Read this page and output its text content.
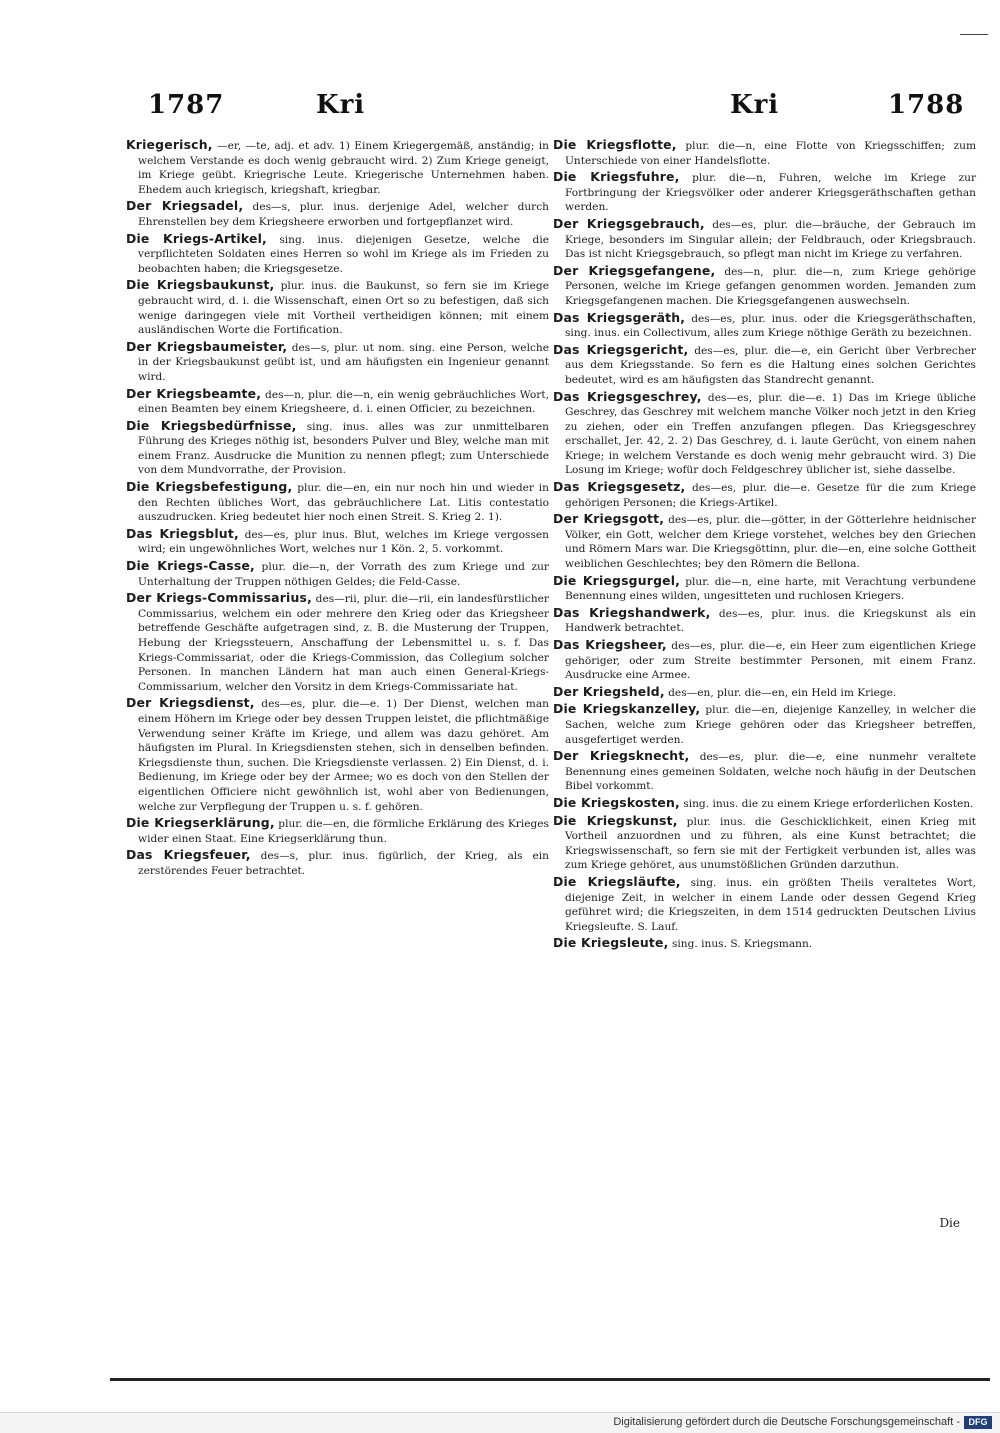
1787	Kri	Kri	1788

Kriegerisch, —er, —te, adj. et adv. 1) Einem Kriegergemäß, anständig; in welchem Verstande es doch wenig gebraucht wird. 2) Zum Kriege geneigt, im Kriege geübt. Kriegrische Leute. Kriegerische Unternehmen haben. Ehedem auch kriegisch, kriegshaft, kriegbar.

Der Kriegsadel, des—s, plur. inus. derjenige Adel, welcher durch Ehrenstellen bey dem Kriegsheere erworben und fortgepflanzet wird.

Die Kriegs-Artikel, sing. inus. diejenigen Gesetze, welche die verpflichteten Soldaten eines Herren so wohl im Kriege als im Frieden zu beobachten haben; die Kriegsgesetze.

Die Kriegsbaukunst, plur. inus. die Baukunst, so fern sie im Kriege gebraucht wird, d. i. die Wissenschaft, einen Ort so zu befestigen, daß sich wenige daringegen viele mit Vortheil vertheidigen können; mit einem ausländischen Worte die Fortification.

Der Kriegsbaumeister, des—s, plur. ut nom. sing. eine Person, welche in der Kriegsbaukunst geübt ist, und am häufigsten ein Ingenieur genannt wird.

Der Kriegsbeamte, des—n, plur. die—n, ein wenig gebräuchliches Wort, einen Beamten bey einem Kriegsheere, d. i. einen Officier, zu bezeichnen.

Die Kriegsbedürfnisse, sing. inus. alles was zur unmittelbaren Führung des Krieges nöthig ist, besonders Pulver und Bley, welche man mit einem Franz. Ausdrucke die Munition zu nennen pflegt; zum Unterschiede von dem Mundvorrathe, der Provision.

Die Kriegsbefestigung, plur. die—en, ein nur noch hin und wieder in den Rechten übliches Wort, das gebräuchlichere Lat. Litis contestatio auszudrucken. Krieg bedeutet hier noch einen Streit. S. Krieg 2. 1).

Das Kriegsblut, des—es, plur inus. Blut, welches im Kriege vergossen wird; ein ungewöhnliches Wort, welches nur 1 Kön. 2, 5. vorkommt.

Die Kriegs-Casse, plur. die—n, der Vorrath des zum Kriege und zur Unterhaltung der Truppen nöthigen Geldes; die Feld-Casse.

Der Kriegs-Commissarius, des—rii, plur. die—rii, ein landesfürstlicher Commissarius, welchem ein oder mehrere den Krieg oder das Kriegsheer betreffende Geschäfte aufgetragen sind, z. B. die Musterung der Truppen, Hebung der Kriegssteuern, Anschaffung der Lebensmittel u. s. f. Das Kriegs-Commissariat, oder die Kriegs-Commission, das Collegium solcher Personen. In manchen Ländern hat man auch einen General-Kriegs-Commissarium, welcher den Vorsitz in dem Kriegs-Commissariate hat.

Der Kriegsdienst, des—es, plur. die—e. 1) Der Dienst, welchen man einem Höhern im Kriege oder bey dessen Truppen leistet, die pflichtmäßige Verwendung seiner Kräfte im Kriege, und allem was dazu gehöret. Am häufigsten im Plural. In Kriegsdiensten stehen, sich in denselben befinden. Kriegsdienste thun, suchen. Die Kriegsdienste verlassen. 2) Ein Dienst, d. i. Bedienung, im Kriege oder bey der Armee; wo es doch von den Stellen der eigentlichen Officiere nicht gewöhnlich ist, wohl aber von Bedienungen, welche zur Verpflegung der Truppen u. s. f. gehören.

Die Kriegserklärung, plur. die—en, die förmliche Erklärung des Krieges wider einen Staat. Eine Kriegserklärung thun.

Das Kriegsfeuer, des—s, plur. inus. figürlich, der Krieg, als ein zerstörendes Feuer betrachtet.

Die Kriegsflotte, plur. die—n, eine Flotte von Kriegsschiffen; zum Unterschiede von einer Handelsflotte.

Die Kriegsfuhre, plur. die—n, Fuhren, welche im Kriege zur Fortbringung der Kriegsvölker oder anderer Kriegsgeräthschaften gethan werden.

Der Kriegsgebrauch, des—es, plur. die—bräuche, der Gebrauch im Kriege, besonders im Singular allein; der Feldbrauch, oder Kriegsbrauch. Das ist nicht Kriegsgebrauch, so pflegt man nicht im Kriege zu verfahren.

Der Kriegsgefangene, des—n, plur. die—n, zum Kriege gehörige Personen, welche im Kriege gefangen genommen worden. Jemanden zum Kriegsgefangenen machen. Die Kriegsgefangenen auswechseln.

Das Kriegsgeräth, des—es, plur. inus. oder die Kriegsgeräthschaften, sing. inus. ein Collectivum, alles zum Kriege nöthige Geräth zu bezeichnen.

Das Kriegsgericht, des—es, plur. die—e, ein Gericht über Verbrecher aus dem Kriegsstande. So fern es die Haltung eines solchen Gerichtes bedeutet, wird es am häufigsten das Standrecht genannt.

Das Kriegsgeschrey, des—es, plur. die—e. 1) Das im Kriege übliche Geschrey, das Geschrey mit welchem manche Völker noch jetzt in den Krieg zu ziehen, oder ein Treffen anzufangen pflegen. Das Kriegsgeschrey erschallet, Jer. 42, 2. 2) Das Geschrey, d. i. laute Gerücht, von einem nahen Kriege; in welchem Verstande es doch wenig mehr gebraucht wird. 3) Die Losung im Kriege; wofür doch Feldgeschrey üblicher ist, siehe dasselbe.

Das Kriegsgesetz, des—es, plur. die—e. Gesetze für die zum Kriege gehörigen Personen; die Kriegs-Artikel.

Der Kriegsgott, des—es, plur. die—götter, in der Götterlehre heidnischer Völker, ein Gott, welcher dem Kriege vorstehet, welches bey den Griechen und Römern Mars war. Die Kriegsgöttinn, plur. die—en, eine solche Gottheit weiblichen Geschlechtes; bey den Römern die Bellona.

Die Kriegsgurgel, plur. die—n, eine harte, mit Verachtung verbundene Benennung eines wilden, ungesitteten und ruchlosen Kriegers.

Das Kriegshandwerk, des—es, plur. inus. die Kriegskunst als ein Handwerk betrachtet.

Das Kriegsheer, des—es, plur. die—e, ein Heer zum eigentlichen Kriege gehöriger, oder zum Streite bestimmter Personen, mit einem Franz. Ausdrucke eine Armee.

Der Kriegsheld, des—en, plur. die—en, ein Held im Kriege.

Die Kriegskanzelley, plur. die—en, diejenige Kanzelley, in welcher die Sachen, welche zum Kriege gehören oder das Kriegsheer betreffen, ausgefertiget werden.

Der Kriegsknecht, des—es, plur. die—e, eine nunmehr veraltete Benennung eines gemeinen Soldaten, welche noch häufig in der Deutschen Bibel vorkommt.

Die Kriegskosten, sing. inus. die zu einem Kriege erforderlichen Kosten.

Die Kriegskunst, plur. inus. die Geschicklichkeit, einen Krieg mit Vortheil anzuordnen und zu führen, als eine Kunst betrachtet; die Kriegswissenschaft, so fern sie mit der Fertigkeit verbunden ist, alles was zum Kriege gehöret, aus unumstößlichen Gründen darzuthun.

Die Kriegsläufte, sing. inus. ein größten Theils veraltetes Wort, diejenige Zeit, in welcher in einem Lande oder dessen Gegend Krieg geführet wird; die Kriegszeiten, in dem 1514 gedruckten Deutschen Livius Kriegsleufte. S. Lauf.

Die Kriegsleute, sing. inus. S. Kriegsmann.

Die
Digitalisierung gefördert durch die Deutsche Forschungsgemeinschaft - DFG
